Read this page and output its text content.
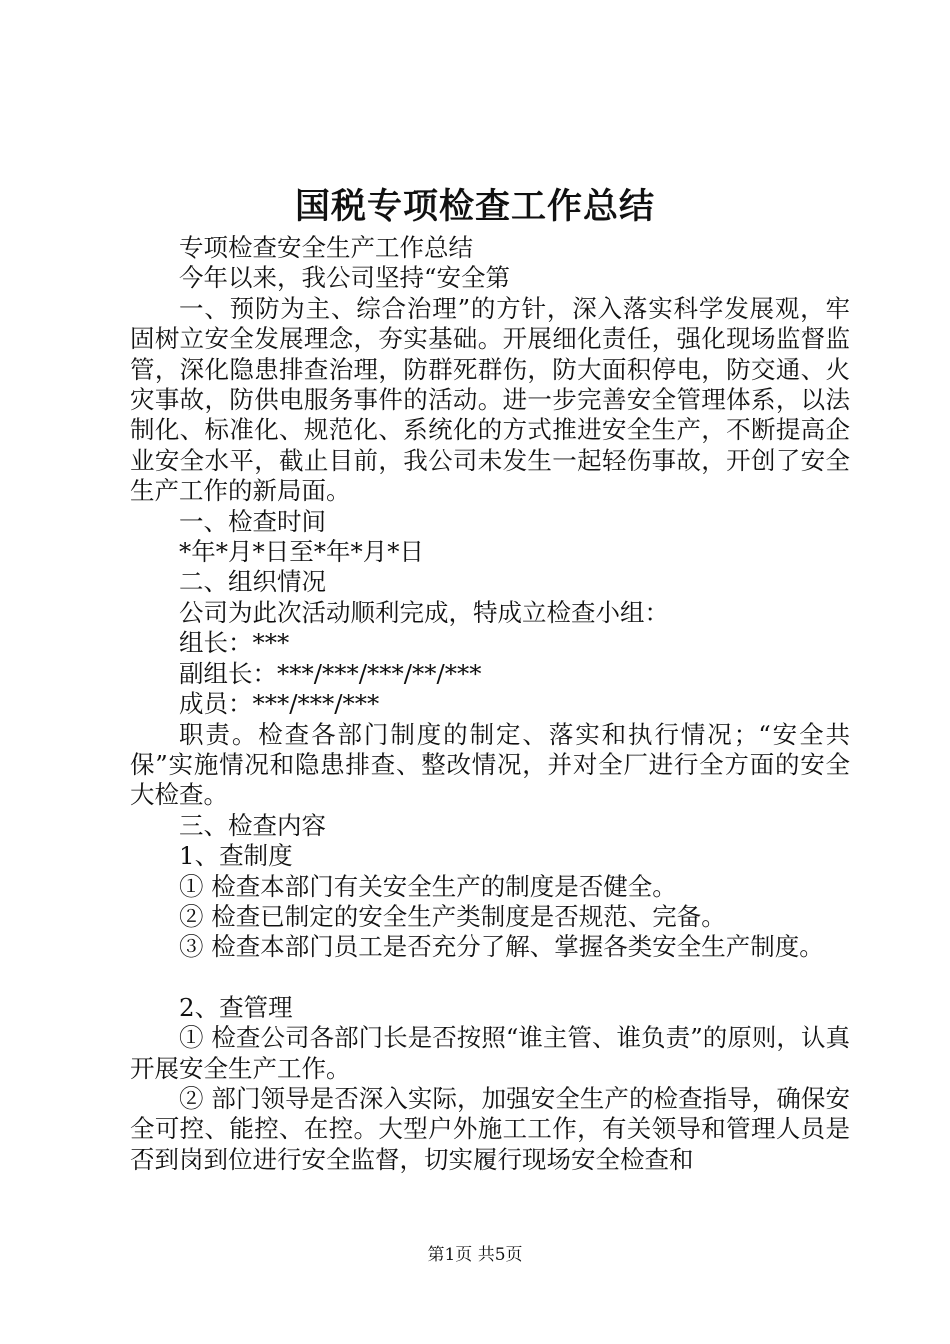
国税专项检查工作总结

专项检查安全生产工作总结

今年以来，我公司坚持“安全第

一、预防为主、综合治理”的方针，深入落实科学发展观，牢固树立安全发展理念，夯实基础。开展细化责任，强化现场监督监管，深化隐患排查治理，防群死群伤，防大面积停电，防交通、火灾事故，防供电服务事件的活动。进一步完善安全管理体系，以法制化、标准化、规范化、系统化的方式推进安全生产，不断提高企业安全水平，截止目前，我公司未发生一起轻伤事故，开创了安全生产工作的新局面。

一、检查时间

*年*月*日至*年*月*日

二、组织情况

公司为此次活动顺利完成，特成立检查小组：

组长：***

副组长：***/***/***/**/***

成员：***/***/***

职责。检查各部门制度的制定、落实和执行情况；“安全共保”实施情况和隐患排查、整改情况，并对全厂进行全方面的安全大检查。

三、检查内容

1、查制度

① 检查本部门有关安全生产的制度是否健全。

② 检查已制定的安全生产类制度是否规范、完备。

③ 检查本部门员工是否充分了解、掌握各类安全生产制度。

2、查管理

① 检查公司各部门长是否按照“谁主管、谁负责”的原则，认真开展安全生产工作。

② 部门领导是否深入实际，加强安全生产的检查指导，确保安全可控、能控、在控。大型户外施工工作，有关领导和管理人员是否到岗到位进行安全监督，切实履行现场安全检查和

第1页 共5页
